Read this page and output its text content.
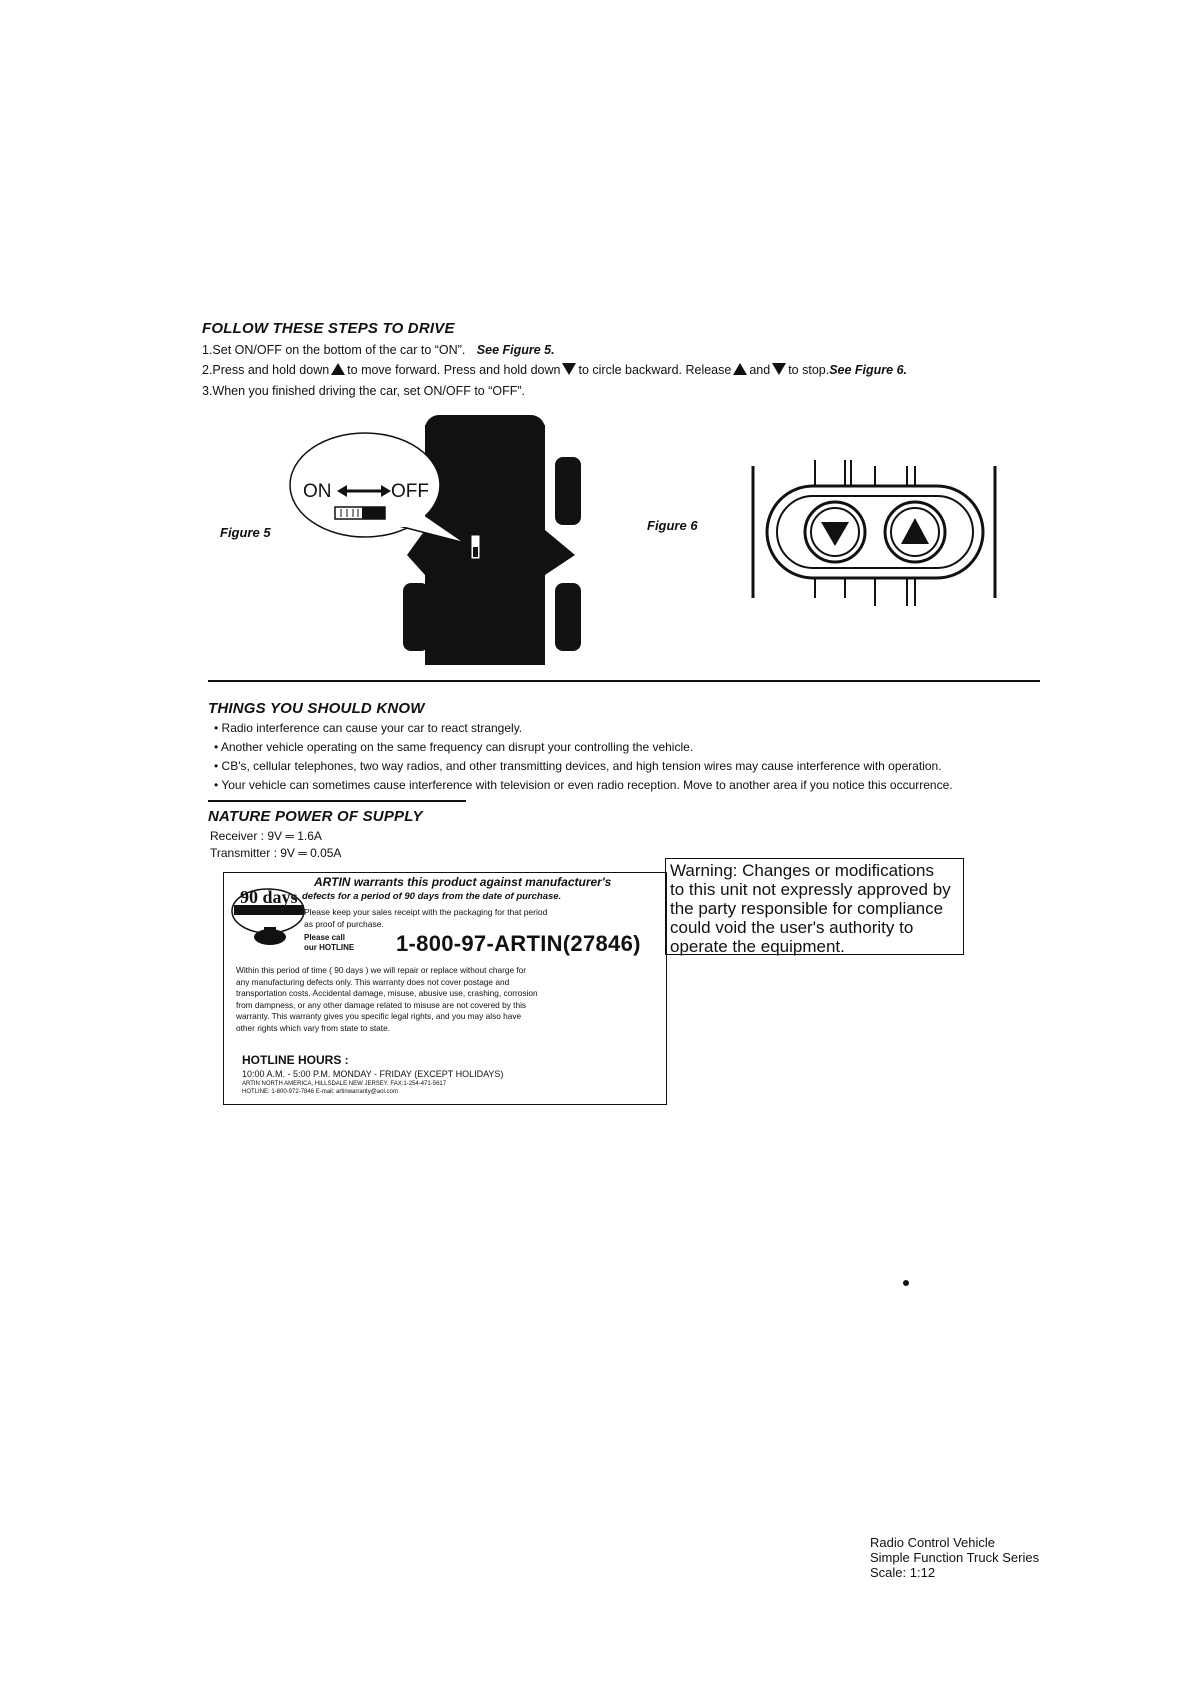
FOLLOW THESE STEPS TO DRIVE
1.Set ON/OFF on the bottom of the car to “ON”. See Figure 5.
2.Press and hold down to move forward. Press and hold down to circle backward. Release and to stop.See Figure 6.
3.When you finished driving the car, set ON/OFF to “OFF”.
Figure 5
ON	OFF
Figure 6
THINGS YOU SHOULD KNOW
• Radio interference can cause your car to react strangely.
• Another vehicle operating on the same frequency can disrupt your controlling the vehicle.
• CB's, cellular telephones, two way radios, and other transmitting devices, and high tension wires may cause interference with operation.
• Your vehicle can sometimes cause interference with television or even radio reception. Move to another area if you notice this occurrence.
NATURE POWER OF SUPPLY
Receiver : 9V ═ 1.6A
Transmitter : 9V ═ 0.05A
90 days
ARTIN warrants this product against manufacturer's
defects for a period of 90 days from the date of purchase.
Please keep your sales receipt with the packaging for that period
as proof of purchase.
Please call
our HOTLINE 1-800-97-ARTIN(27846)
Within this period of time ( 90 days ) we will repair or replace without charge for
any manufacturing defects only. This warranty does not cover postage and
transportation costs. Accidental damage, misuse, abusive use, crashing, corrosion
from dampness, or any other damage related to misuse are not covered by this
warranty. This warranty gives you specific legal rights, and you may also have
other rights which vary from state to state.
HOTLINE HOURS :
10:00 A.M. - 5:00 P.M. MONDAY - FRIDAY (EXCEPT HOLIDAYS)
ARTIN NORTH AMERICA, HILLSDALE NEW JERSEY. FAX:1-254-471-5617
HOTLINE: 1-800-972-7846 E-mail: artinwarranty@aol.com
Warning: Changes or modifications
to this unit not expressly approved by
the party responsible for compliance
could void the user's authority to
operate the equipment.
Radio Control Vehicle
Simple Function Truck Series
Scale: 1:12
